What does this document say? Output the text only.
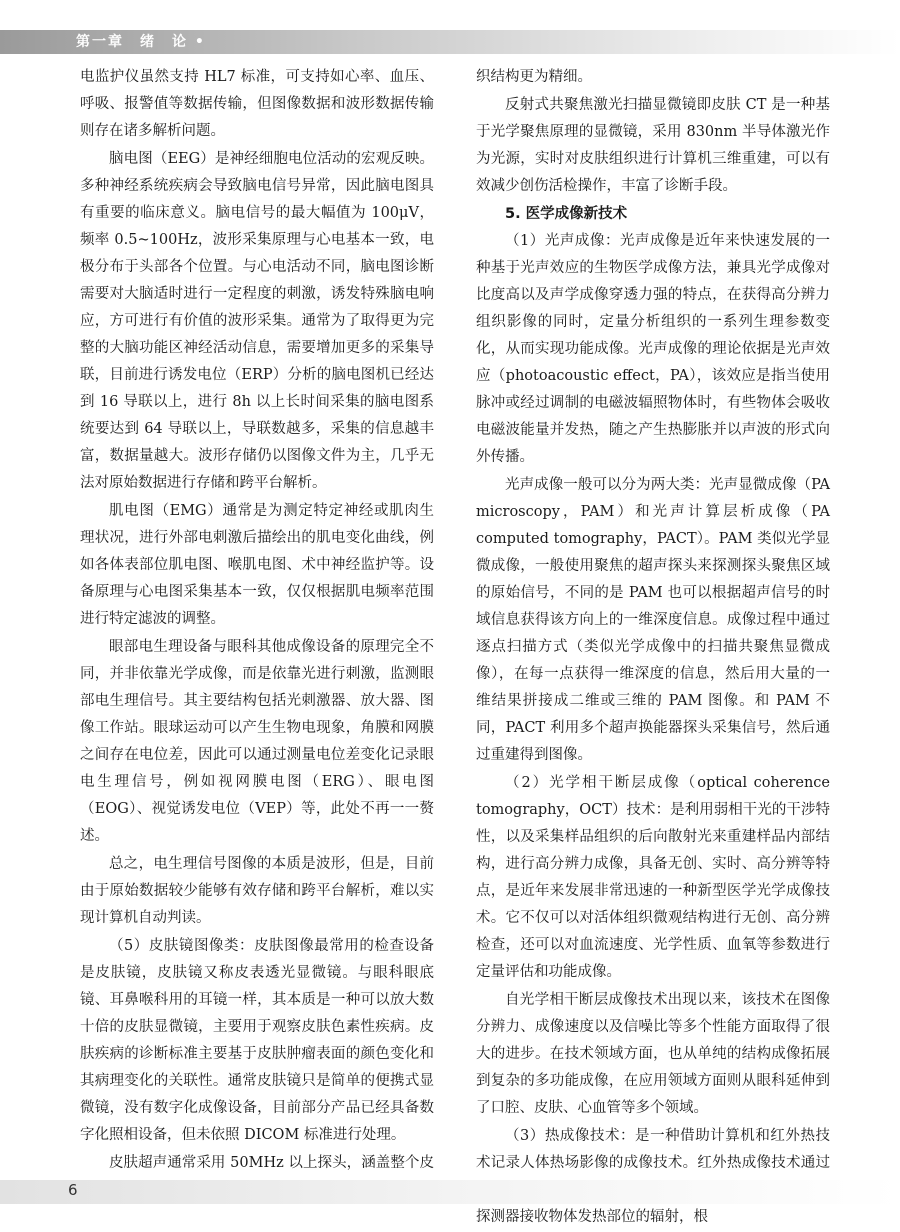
第一章　绪　论 •

电监护仪虽然支持 HL7 标准，可支持如心率、血压、呼吸、报警值等数据传输，但图像数据和波形数据传输则存在诸多解析问题。

脑电图（EEG）是神经细胞电位活动的宏观反映。多种神经系统疾病会导致脑电信号异常，因此脑电图具有重要的临床意义。脑电信号的最大幅值为 100μV，频率 0.5~100Hz，波形采集原理与心电基本一致，电极分布于头部各个位置。与心电活动不同，脑电图诊断需要对大脑适时进行一定程度的刺激，诱发特殊脑电响应，方可进行有价值的波形采集。通常为了取得更为完整的大脑功能区神经活动信息，需要增加更多的采集导联，目前进行诱发电位（ERP）分析的脑电图机已经达到 16 导联以上，进行 8h 以上长时间采集的脑电图系统要达到 64 导联以上，导联数越多，采集的信息越丰富，数据量越大。波形存储仍以图像文件为主，几乎无法对原始数据进行存储和跨平台解析。

肌电图（EMG）通常是为测定特定神经或肌肉生理状况，进行外部电刺激后描绘出的肌电变化曲线，例如各体表部位肌电图、喉肌电图、术中神经监护等。设备原理与心电图采集基本一致，仅仅根据肌电频率范围进行特定滤波的调整。

眼部电生理设备与眼科其他成像设备的原理完全不同，并非依靠光学成像，而是依靠光进行刺激，监测眼部电生理信号。其主要结构包括光刺激器、放大器、图像工作站。眼球运动可以产生生物电现象，角膜和网膜之间存在电位差，因此可以通过测量电位差变化记录眼电生理信号，例如视网膜电图（ERG）、眼电图（EOG）、视觉诱发电位（VEP）等，此处不再一一赘述。

总之，电生理信号图像的本质是波形，但是，目前由于原始数据较少能够有效存储和跨平台解析，难以实现计算机自动判读。

（5）皮肤镜图像类：皮肤图像最常用的检查设备是皮肤镜，皮肤镜又称皮表透光显微镜。与眼科眼底镜、耳鼻喉科用的耳镜一样，其本质是一种可以放大数十倍的皮肤显微镜，主要用于观察皮肤色素性疾病。皮肤疾病的诊断标准主要基于皮肤肿瘤表面的颜色变化和其病理变化的关联性。通常皮肤镜只是简单的便携式显微镜，没有数字化成像设备，目前部分产品已经具备数字化照相设备，但未依照 DICOM 标准进行处理。

皮肤超声通常采用 50MHz 以上探头，涵盖整个皮

织结构更为精细。

反射式共聚焦激光扫描显微镜即皮肤 CT 是一种基于光学聚焦原理的显微镜，采用 830nm 半导体激光作为光源，实时对皮肤组织进行计算机三维重建，可以有效减少创伤活检操作，丰富了诊断手段。

5. 医学成像新技术

（1）光声成像：光声成像是近年来快速发展的一种基于光声效应的生物医学成像方法，兼具光学成像对比度高以及声学成像穿透力强的特点，在获得高分辨力组织影像的同时，定量分析组织的一系列生理参数变化，从而实现功能成像。光声成像的理论依据是光声效应（photoacoustic effect，PA），该效应是指当使用脉冲或经过调制的电磁波辐照物体时，有些物体会吸收电磁波能量并发热，随之产生热膨胀并以声波的形式向外传播。

光声成像一般可以分为两大类：光声显微成像（PA microscopy，PAM）和光声计算层析成像（PA computed tomography，PACT）。PAM 类似光学显微成像，一般使用聚焦的超声探头来探测探头聚焦区域的原始信号，不同的是 PAM 也可以根据超声信号的时域信息获得该方向上的一维深度信息。成像过程中通过逐点扫描方式（类似光学成像中的扫描共聚焦显微成像），在每一点获得一维深度的信息，然后用大量的一维结果拼接成二维或三维的 PAM 图像。和 PAM 不同，PACT 利用多个超声换能器探头采集信号，然后通过重建得到图像。

（2）光学相干断层成像（optical coherence tomography，OCT）技术：是利用弱相干光的干涉特性，以及采集样品组织的后向散射光来重建样品内部结构，进行高分辨力成像，具备无创、实时、高分辨等特点，是近年来发展非常迅速的一种新型医学光学成像技术。它不仅可以对活体组织微观结构进行无创、高分辨检查，还可以对血流速度、光学性质、血氧等参数进行定量评估和功能成像。

自光学相干断层成像技术出现以来，该技术在图像分辨力、成像速度以及信噪比等多个性能方面取得了很大的进步。在技术领域方面，也从单纯的结构成像拓展到复杂的多功能成像，在应用领域方面则从眼科延伸到了口腔、皮肤、心血管等多个领域。

（3）热成像技术：是一种借助计算机和红外热技术记录人体热场影像的成像技术。红外热成像技术通过 探测器接收物体发热部位的辐射，根

6
